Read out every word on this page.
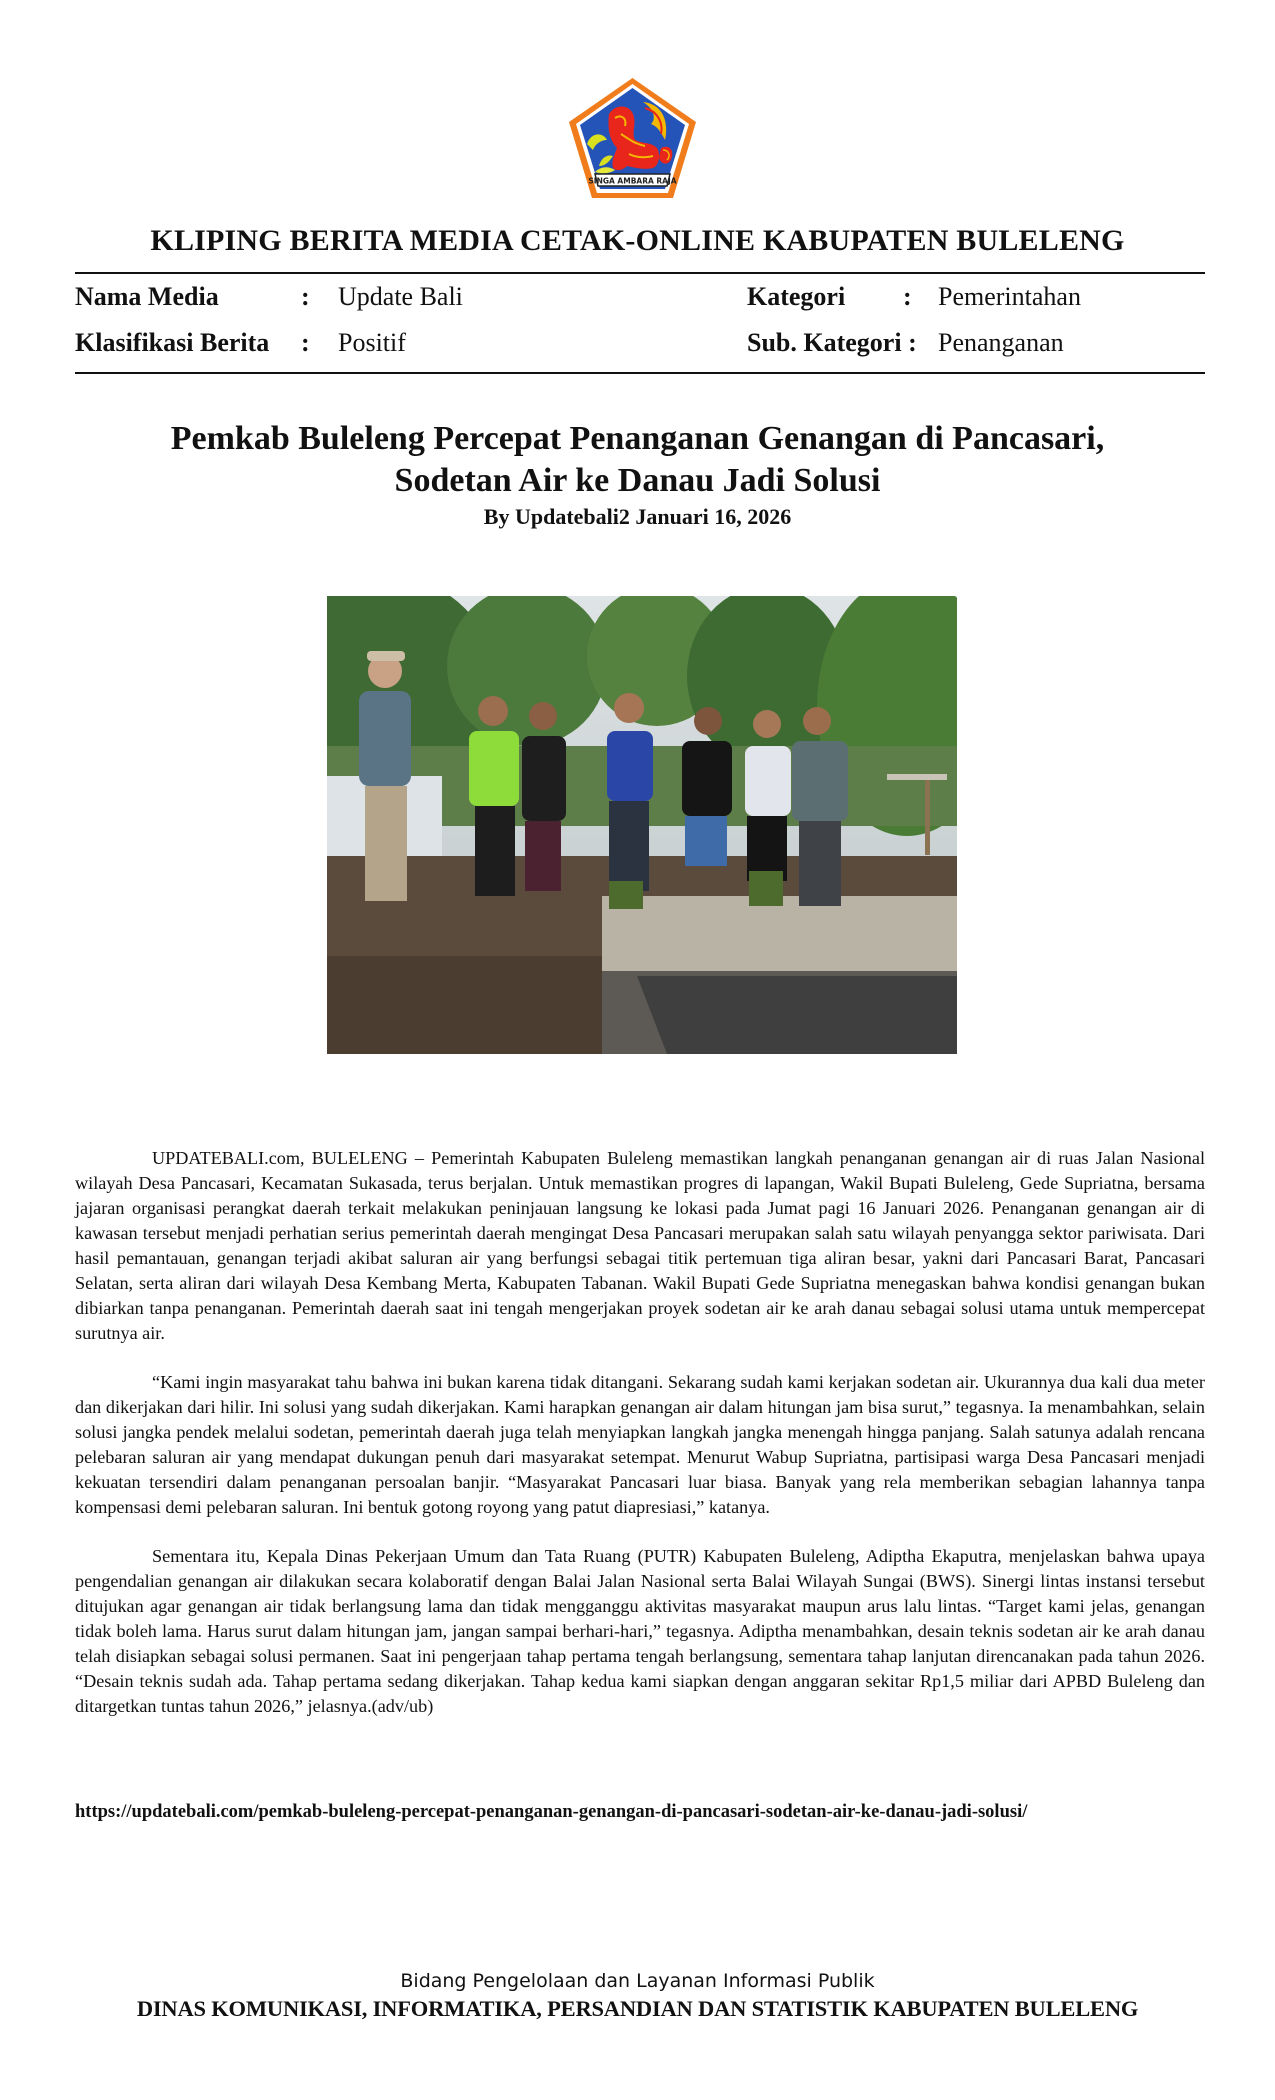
SINGA AMBARA RAJA
KLIPING BERITA MEDIA CETAK-ONLINE KABUPATEN BULELENG
Nama Media	: Update Bali
Klasifikasi Berita : Positif
Kategori : Pemerintahan
Sub. Kategori : Penanganan
Pemkab Buleleng Percepat Penanganan Genangan di Pancasari,
Sodetan Air ke Danau Jadi Solusi
By Updatebali2 Januari 16, 2026

UPDATEBALI.com, BULELENG – Pemerintah Kabupaten Buleleng memastikan langkah penanganan genangan air di ruas Jalan Nasional wilayah Desa Pancasari, Kecamatan Sukasada, terus berjalan. Untuk memastikan progres di lapangan, Wakil Bupati Buleleng, Gede Supriatna, bersama jajaran organisasi perangkat daerah terkait melakukan peninjauan langsung ke lokasi pada Jumat pagi 16 Januari 2026. Penanganan genangan air di kawasan tersebut menjadi perhatian serius pemerintah daerah mengingat Desa Pancasari merupakan salah satu wilayah penyangga sektor pariwisata. Dari hasil pemantauan, genangan terjadi akibat saluran air yang berfungsi sebagai titik pertemuan tiga aliran besar, yakni dari Pancasari Barat, Pancasari Selatan, serta aliran dari wilayah Desa Kembang Merta, Kabupaten Tabanan. Wakil Bupati Gede Supriatna menegaskan bahwa kondisi genangan bukan dibiarkan tanpa penanganan. Pemerintah daerah saat ini tengah mengerjakan proyek sodetan air ke arah danau sebagai solusi utama untuk mempercepat surutnya air.

“Kami ingin masyarakat tahu bahwa ini bukan karena tidak ditangani. Sekarang sudah kami kerjakan sodetan air. Ukurannya dua kali dua meter dan dikerjakan dari hilir. Ini solusi yang sudah dikerjakan. Kami harapkan genangan air dalam hitungan jam bisa surut,” tegasnya. Ia menambahkan, selain solusi jangka pendek melalui sodetan, pemerintah daerah juga telah menyiapkan langkah jangka menengah hingga panjang. Salah satunya adalah rencana pelebaran saluran air yang mendapat dukungan penuh dari masyarakat setempat. Menurut Wabup Supriatna, partisipasi warga Desa Pancasari menjadi kekuatan tersendiri dalam penanganan persoalan banjir. “Masyarakat Pancasari luar biasa. Banyak yang rela memberikan sebagian lahannya tanpa kompensasi demi pelebaran saluran. Ini bentuk gotong royong yang patut diapresiasi,” katanya.

Sementara itu, Kepala Dinas Pekerjaan Umum dan Tata Ruang (PUTR) Kabupaten Buleleng, Adiptha Ekaputra, menjelaskan bahwa upaya pengendalian genangan air dilakukan secara kolaboratif dengan Balai Jalan Nasional serta Balai Wilayah Sungai (BWS). Sinergi lintas instansi tersebut ditujukan agar genangan air tidak berlangsung lama dan tidak mengganggu aktivitas masyarakat maupun arus lalu lintas. “Target kami jelas, genangan tidak boleh lama. Harus surut dalam hitungan jam, jangan sampai berhari-hari,” tegasnya. Adiptha menambahkan, desain teknis sodetan air ke arah danau telah disiapkan sebagai solusi permanen. Saat ini pengerjaan tahap pertama tengah berlangsung, sementara tahap lanjutan direncanakan pada tahun 2026. “Desain teknis sudah ada. Tahap pertama sedang dikerjakan. Tahap kedua kami siapkan dengan anggaran sekitar Rp1,5 miliar dari APBD Buleleng dan ditargetkan tuntas tahun 2026,” jelasnya.(adv/ub)

https://updatebali.com/pemkab-buleleng-percepat-penanganan-genangan-di-pancasari-sodetan-air-ke-danau-jadi-solusi/
Bidang Pengelolaan dan Layanan Informasi Publik
DINAS KOMUNIKASI, INFORMATIKA, PERSANDIAN DAN STATISTIK KABUPATEN BULELENG
